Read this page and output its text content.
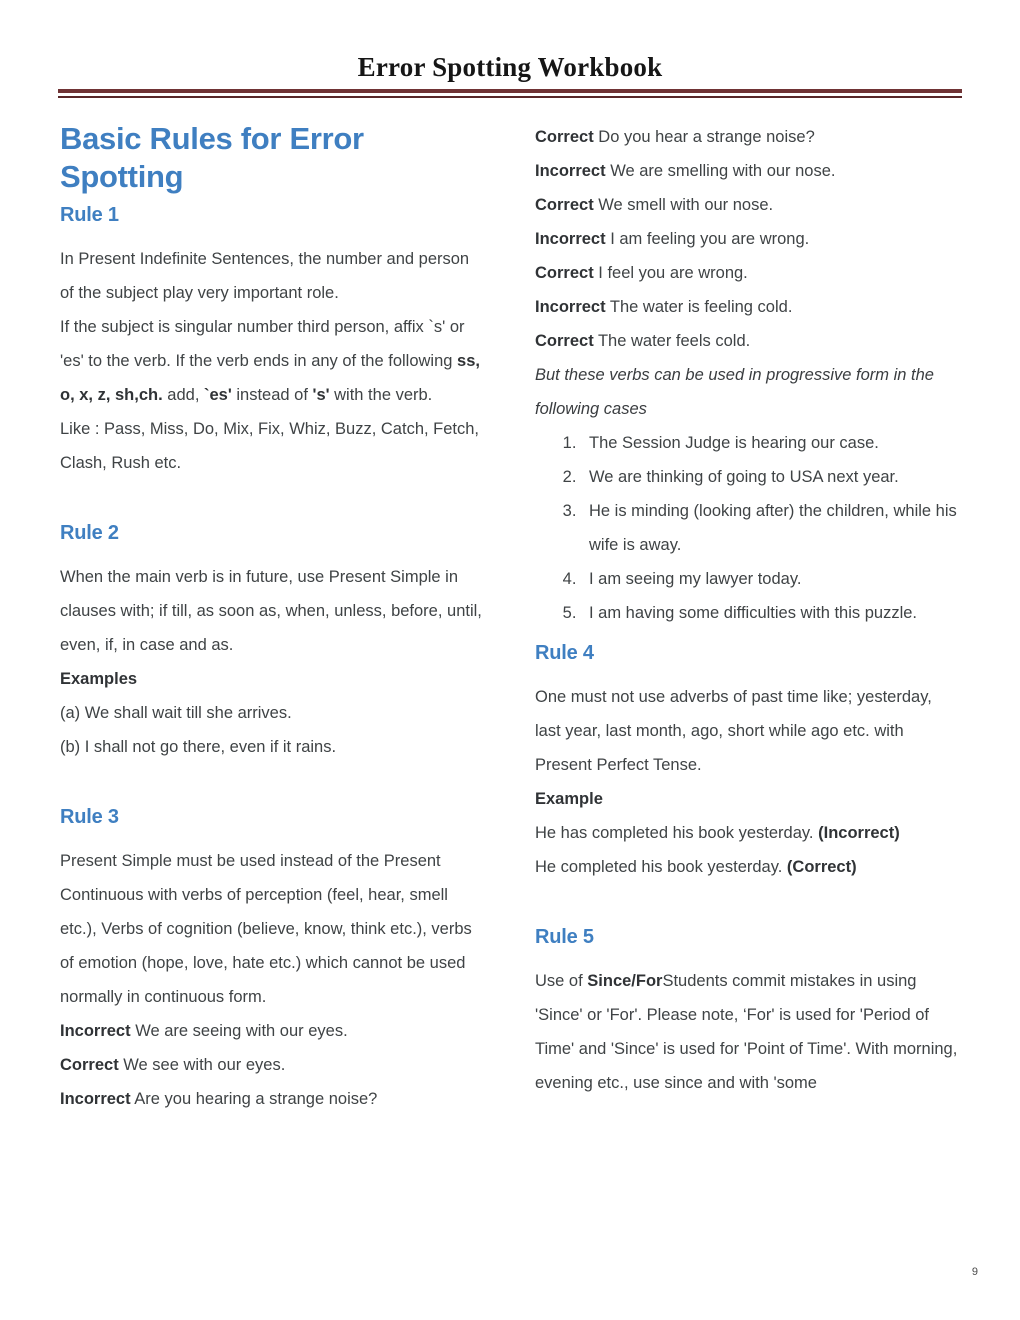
Error Spotting Workbook
Basic Rules for Error Spotting
Rule 1

In Present Indefinite Sentences, the number and person of the subject play very important role.

If the subject is singular number third person, affix `s' or 'es' to the verb. If the verb ends in any of the following ss, o, x, z, sh,ch. add, `es' instead of 's' with the verb.

Like : Pass, Miss, Do, Mix, Fix, Whiz, Buzz, Catch, Fetch, Clash, Rush etc.

Rule 2

When the main verb is in future, use Present Simple in clauses with; if till, as soon as, when, unless, before, until, even, if, in case and as.

Examples

(a) We shall wait till she arrives.

(b) I shall not go there, even if it rains.

Rule 3

Present Simple must be used instead of the Present Continuous with verbs of perception (feel, hear, smell etc.), Verbs of cognition (believe, know, think etc.), verbs of emotion (hope, love, hate etc.) which cannot be used normally in continuous form.

Incorrect We are seeing with our eyes.

Correct We see with our eyes.

Incorrect Are you hearing a strange noise?

Correct Do you hear a strange noise?

Incorrect We are smelling with our nose.

Correct We smell with our nose.

Incorrect I am feeling you are wrong.

Correct I feel you are wrong.

Incorrect The water is feeling cold.

Correct The water feels cold.

But these verbs can be used in progressive form in the following cases

1. The Session Judge is hearing our case.
2. We are thinking of going to USA next year.
3. He is minding (looking after) the children, while his wife is away.
4. I am seeing my lawyer today.
5. I am having some difficulties with this puzzle.
Rule 4

One must not use adverbs of past time like; yesterday, last year, last month, ago, short while ago etc. with Present Perfect Tense.

Example

He has completed his book yesterday. (Incorrect)

He completed his book yesterday. (Correct)

Rule 5

Use of Since/ForStudents commit mistakes in using 'Since' or 'For'. Please note, ‘For' is used for 'Period of Time' and 'Since' is used for 'Point of Time'. With morning, evening etc., use since and with 'some

9
